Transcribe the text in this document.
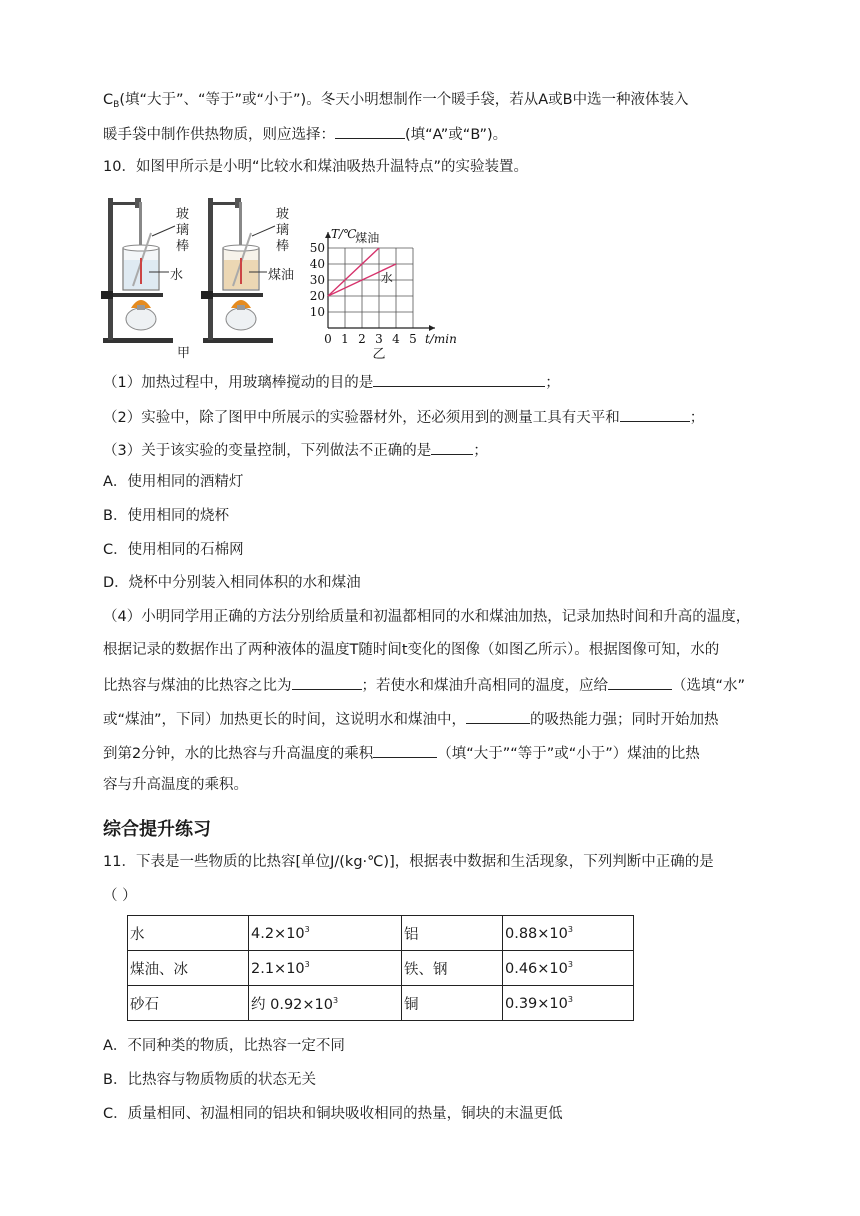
$C_B$(填“大于”、“等于”或“小于”)。冬天小明想制作一个暖手袋，若从A或B中选一种液体装入
暖手袋中制作供热物质，则应选择：	(填“A”或“B”)。
10．如图甲所示是小明“比较水和煤油吸热升温特点”的实验装置。
玻璃棒
水
玻璃棒
煤油
甲
0 1 2 3 4 5
10
20
30
40
50
煤油
水
T/℃
t/min
乙
（1）加热过程中，用玻璃棒搅动的目的是	；
（2）实验中，除了图甲中所展示的实验器材外，还必须用到的测量工具有天平和	；
（3）关于该实验的变量控制，下列做法不正确的是	；
A．使用相同的酒精灯
B．使用相同的烧杯
C．使用相同的石棉网
D．烧杯中分别装入相同体积的水和煤油
（4）小明同学用正确的方法分别给质量和初温都相同的水和煤油加热，记录加热时间和升高的温度，
根据记录的数据作出了两种液体的温度T随时间t变化的图像（如图乙所示）。根据图像可知，水的
比热容与煤油的比热容之比为	；若使水和煤油升高相同的温度，应给	（选填“水”
或“煤油”，下同）加热更长的时间，这说明水和煤油中，	的吸热能力强；同时开始加热
到第2分钟，水的比热容与升高温度的乘积	（填“大于”“等于”或“小于”）煤油的比热
容与升高温度的乘积。
综合提升练习
11．下表是一些物质的比热容[单位J/(kg·℃)]，根据表中数据和生活现象，下列判断中正确的是
（ ）
水	$4.2\times 10^3$	铝	$0.88\times 10^3$
煤油、冰	$2.1\times 10^3$	铁、钢	$0.46\times 10^3$
砂石	约 $0.92\times 10^3$	铜	$0.39\times 10^3$
A．不同种类的物质，比热容一定不同
B．比热容与物质物质的状态无关
C．质量相同、初温相同的铝块和铜块吸收相同的热量，铜块的末温更低
